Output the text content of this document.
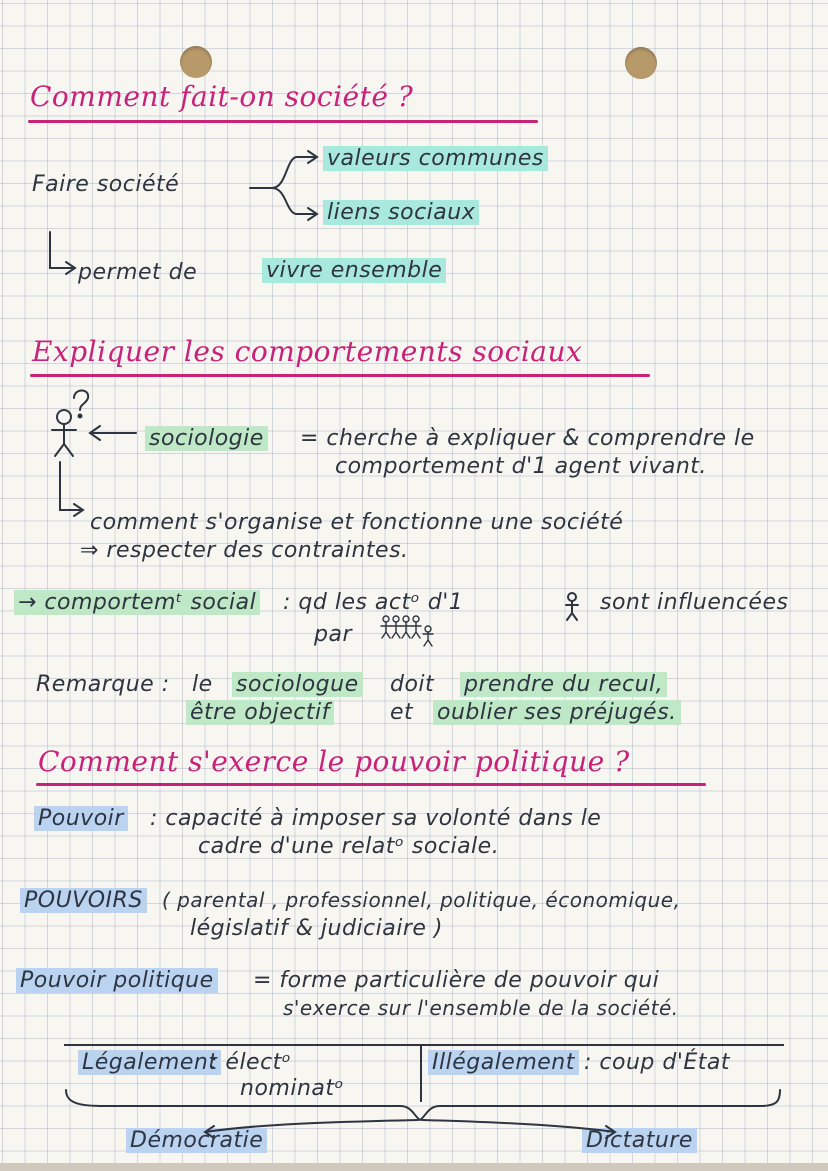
Comment fait-on société ?
Faire société
valeurs communes
liens sociaux
permet de	vivre ensemble
Expliquer les comportements sociaux
sociologie = cherche à expliquer & comprendre le
comportement d'1 agent vivant.
comment s'organise et fonctionne une société
⇒ respecter des contraintes.
→ comportemᵗ social : qd les actᵒ d'1	sont influencées
par
Remarque : le sociologue doit prendre du recul,
être objectif	et oublier ses préjugés.
Comment s'exerce le pouvoir politique ?
Pouvoir : capacité à imposer sa volonté dans le
cadre d'une relatᵒ sociale.
POUVOIRS ( parental , professionnel, politique, économique,
législatif & judiciaire )
Pouvoir politique = forme particulière de pouvoir qui
s'exerce sur l'ensemble de la société.
Légalement
: électᵒ
nominatᵒ
Illégalement : coup d'État
Démocratie	Dictature
